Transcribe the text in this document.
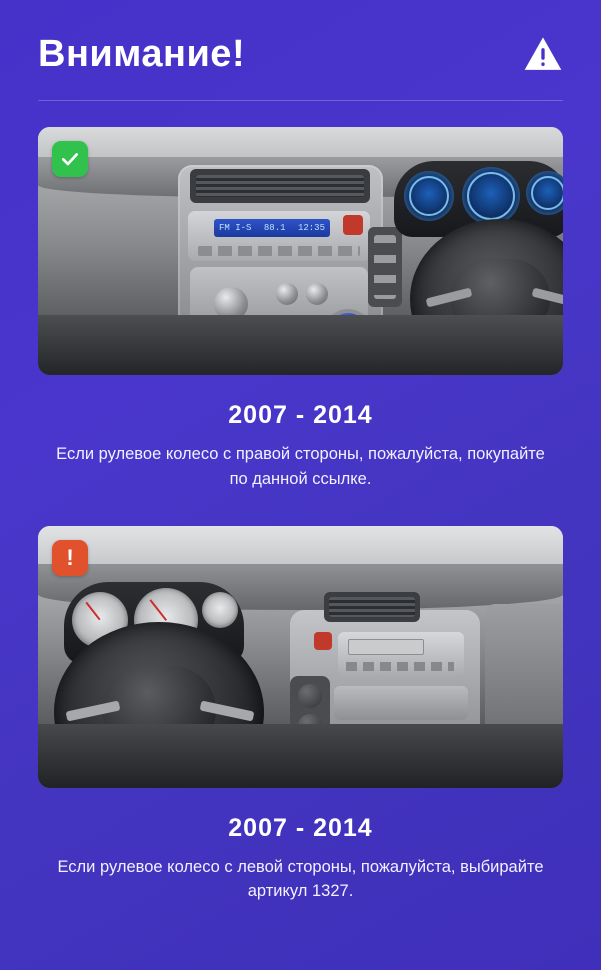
Внимание!
FM I-S 88.1 12:35
2007 - 2014
Если рулевое колесо с правой стороны, пожалуйста, покупайте по данной ссылке.
!
2007 - 2014
Если рулевое колесо с левой стороны, пожалуйста, выбирайте артикул 1327.
